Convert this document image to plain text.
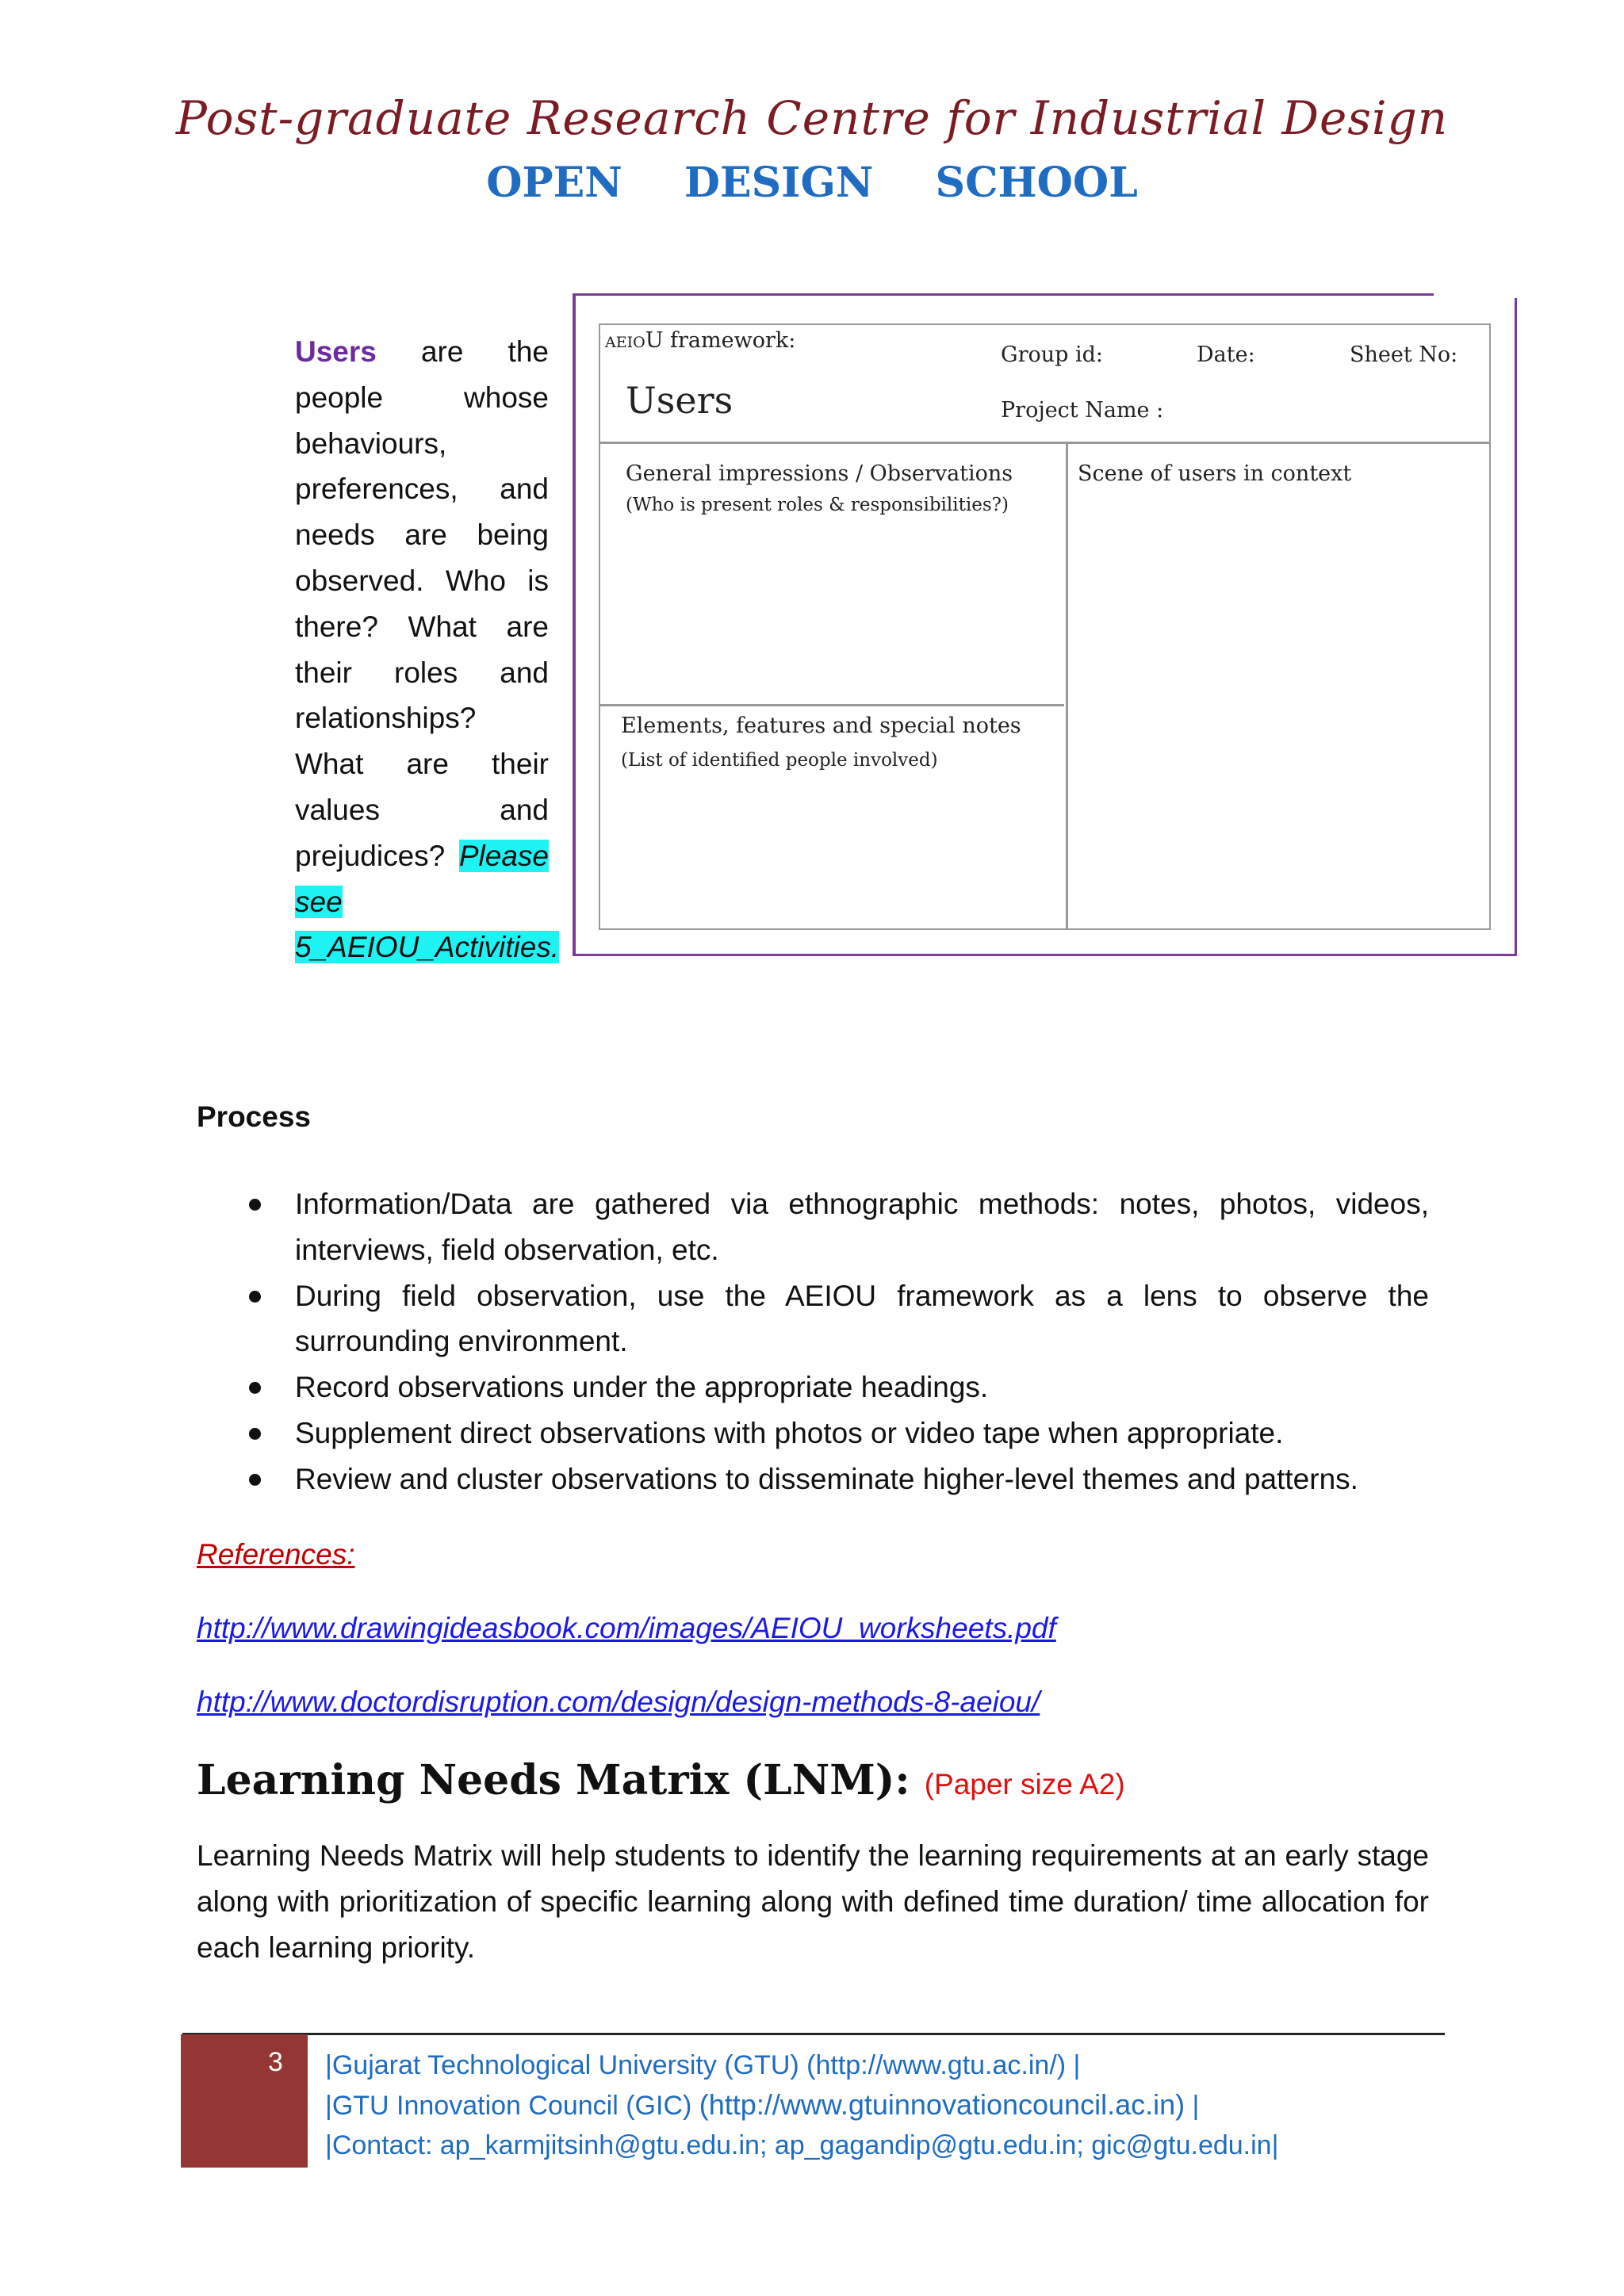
Post-graduate Research Centre for Industrial Design
OPEN DESIGN SCHOOL
Users are the people whose behaviours, preferences, and needs are being observed. Who is there? What are their roles and relationships? What are their values and prejudices? Please see 5_AEIOU_Activities.
AEIOU framework:
Users
Group id:	Date:	Sheet No:
Project Name :
General impressions / Observations
(Who is present roles & responsibilities?)
Elements, features and special notes
(List of identified people involved)
Scene of users in context
Process
Information/Data are gathered via ethnographic methods: notes, photos, videos, interviews, field observation, etc.
During field observation, use the AEIOU framework as a lens to observe the surrounding environment.
Record observations under the appropriate headings.
Supplement direct observations with photos or video tape when appropriate.
Review and cluster observations to disseminate higher-level themes and patterns.
References:
http://www.drawingideasbook.com/images/AEIOU_worksheets.pdf
http://www.doctordisruption.com/design/design-methods-8-aeiou/
Learning Needs Matrix (LNM): (Paper size A2)
Learning Needs Matrix will help students to identify the learning requirements at an early stage along with prioritization of specific learning along with defined time duration/ time allocation for each learning priority.
3 |Gujarat Technological University (GTU) (http://www.gtu.ac.in/) |
|GTU Innovation Council (GIC) (http://www.gtuinnovationcouncil.ac.in) |
|Contact: ap_karmjitsinh@gtu.edu.in; ap_gagandip@gtu.edu.in; gic@gtu.edu.in|
